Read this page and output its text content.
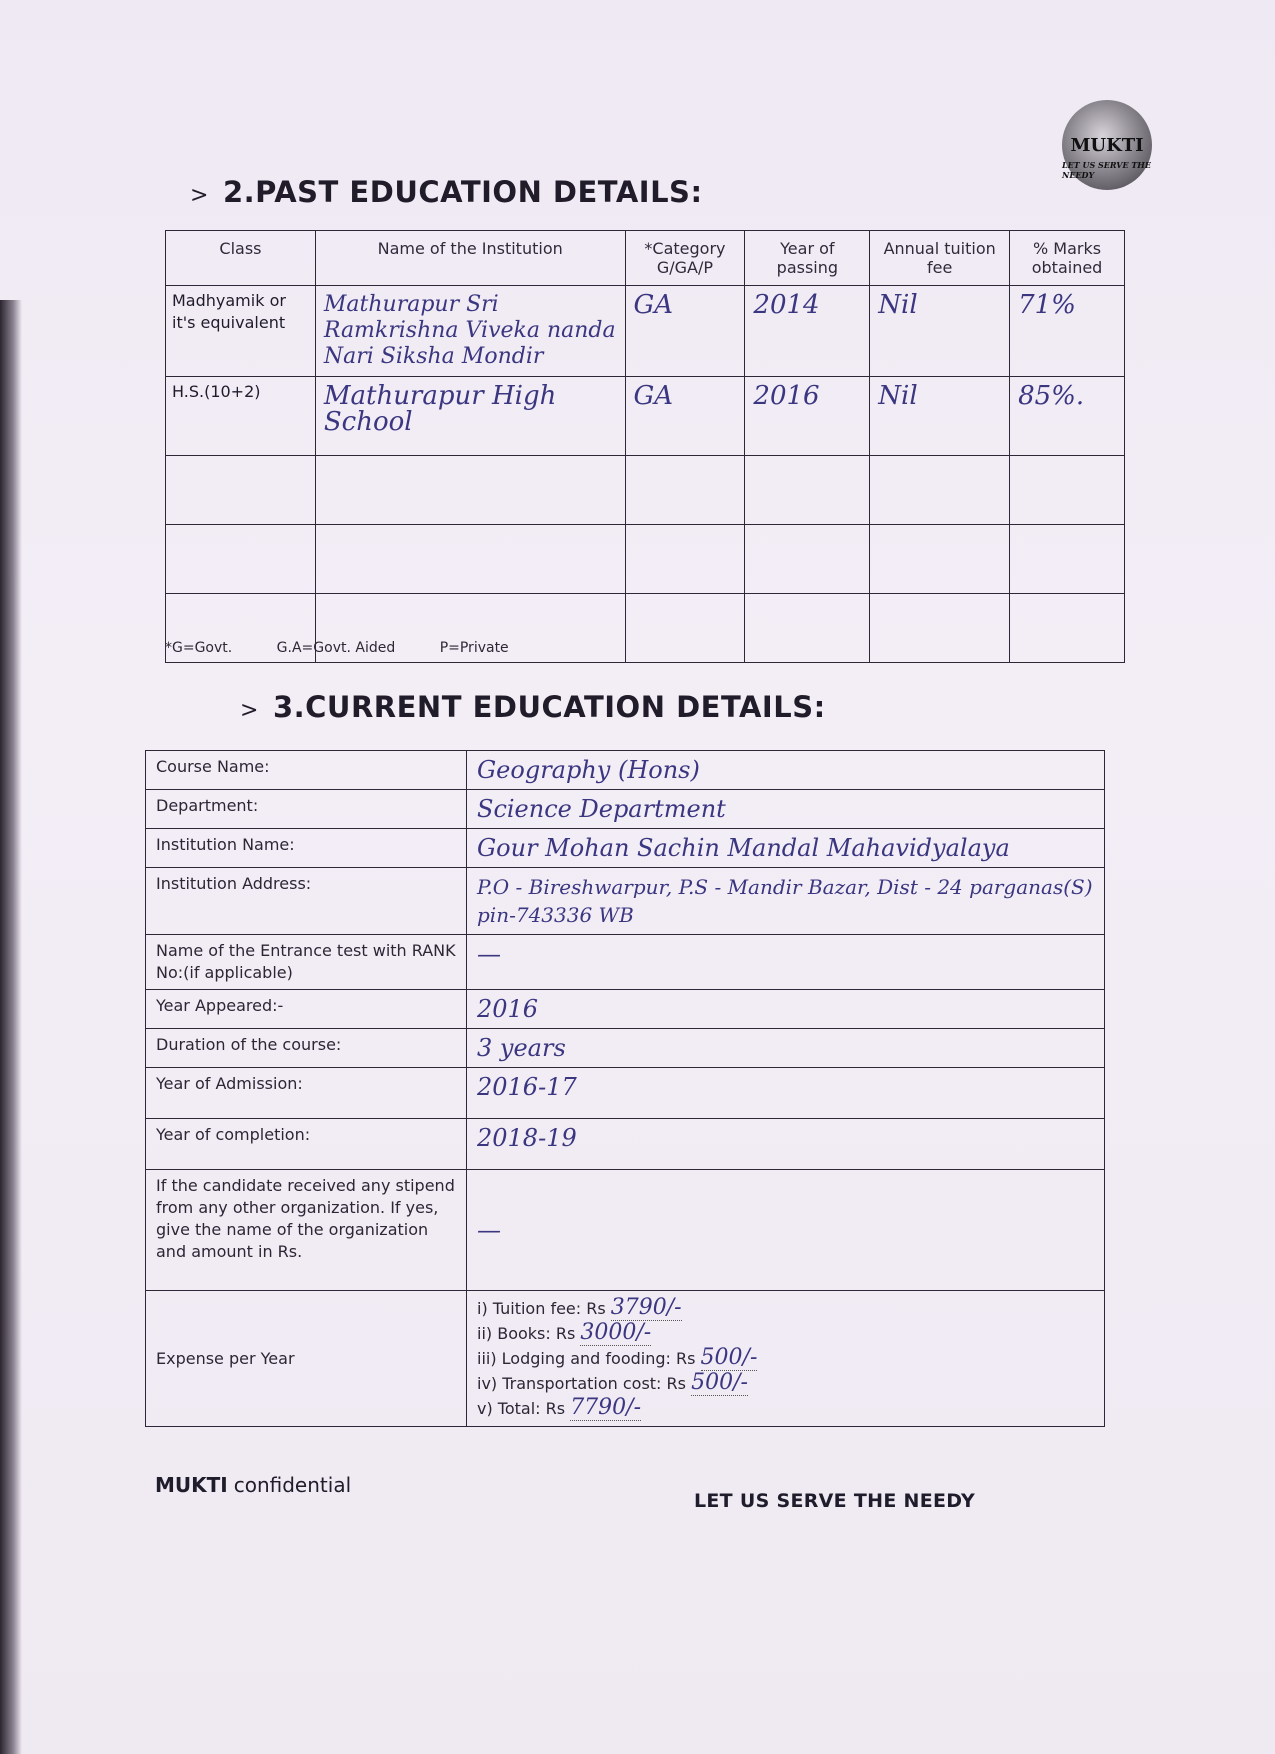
MUKTI
LET US SERVE THE NEEDY
> 2.PAST EDUCATION DETAILS:
Class	Name of the Institution	*Category G/GA/P	Year of passing	Annual tuition fee	% Marks obtained
Madhyamik or it's equivalent	Mathurapur Sri Ramkrishna Viveka nanda Nari Siksha Mondir	GA	2014	Nil	71%
H.S.(10+2)	Mathurapur High School	GA	2016	Nil	85%.

*G=Govt.	G.A=Govt. Aided	P=Private
> 3.CURRENT EDUCATION DETAILS:
Course Name:	Geography (Hons)
Department:	Science Department
Institution Name:	Gour Mohan Sachin Mandal Mahavidyalaya
Institution Address:	P.O - Bireshwarpur, P.S - Mandir Bazar, Dist - 24 parganas(S) pin-743336 WB
Name of the Entrance test with RANK No:(if applicable)	—
Year Appeared:-	2016
Duration of the course:	3 years
Year of Admission:	2016-17
Year of completion:	2018-19
If the candidate received any stipend from any other organization. If yes, give the name of the organization and amount in Rs.	—
Expense per Year	i) Tuition fee: Rs 3790/-
ii) Books: Rs 3000/-
iii) Lodging and fooding: Rs 500/-
iv) Transportation cost: Rs 500/-
v) Total: Rs 7790/-
MUKTI confidential
LET US SERVE THE NEEDY
